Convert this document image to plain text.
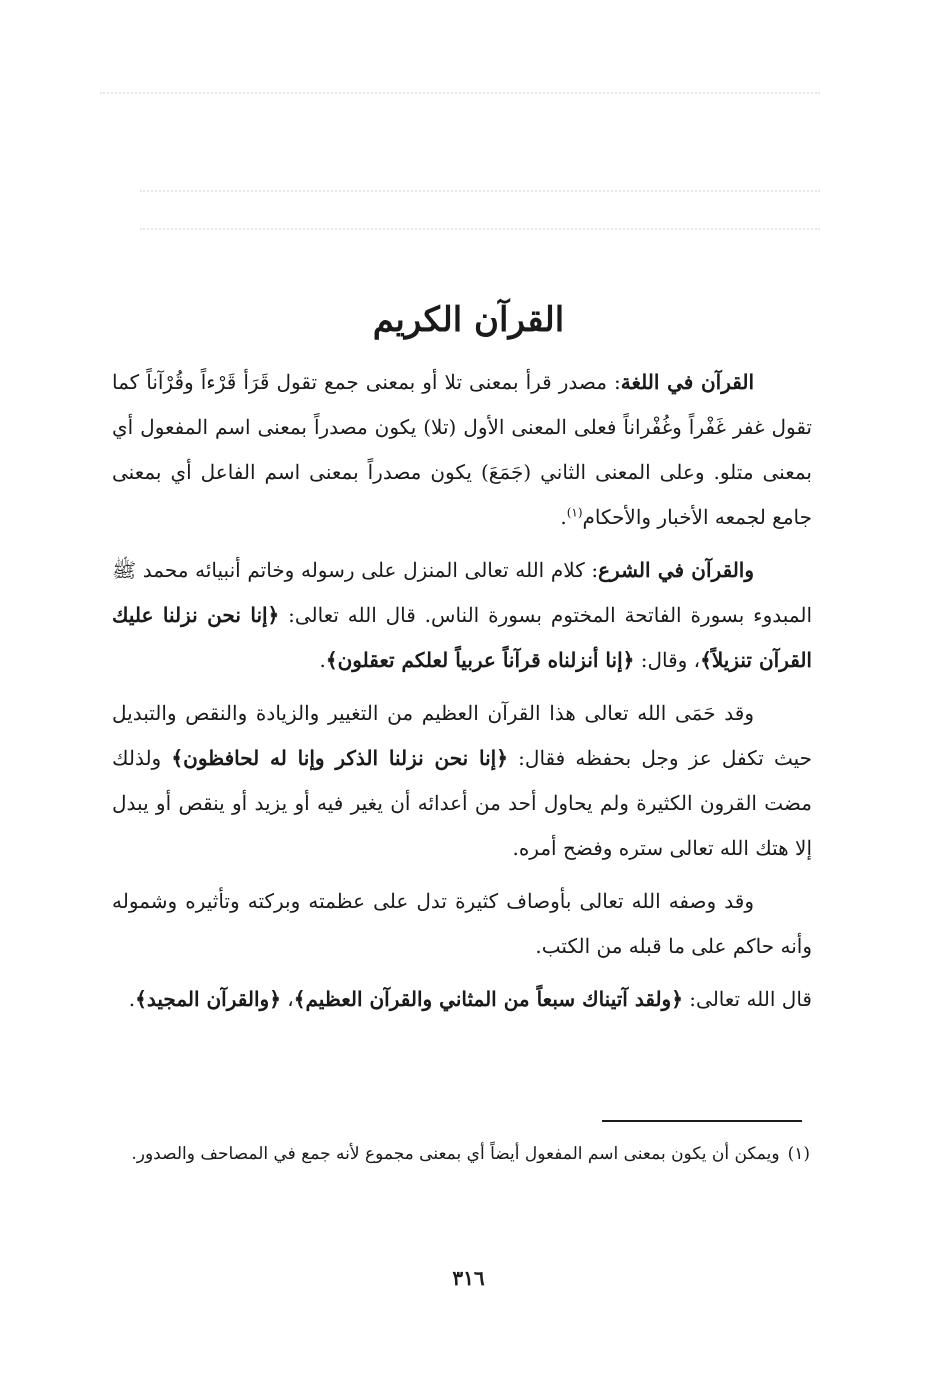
القرآن الكريم

القرآن في اللغة: مصدر قرأ بمعنى تلا أو بمعنى جمع تقول قَرَأ قَرْءاً وقُرْآناً كما تقول غفر غَفْراً وغُفْراناً فعلى المعنى الأول (تلا) يكون مصدراً بمعنى اسم المفعول أي بمعنى متلو. وعلى المعنى الثاني (جَمَعَ) يكون مصدراً بمعنى اسم الفاعل أي بمعنى جامع لجمعه الأخبار والأحكام$^{(١)}$.

والقرآن في الشرع: كلام الله تعالى المنزل على رسوله وخاتم أنبيائه محمد ﷺ المبدوء بسورة الفاتحة المختوم بسورة الناس. قال الله تعالى: ﴿إنا نحن نزلنا عليك القرآن تنزيلاً﴾، وقال: ﴿إنا أنزلناه قرآناً عربياً لعلكم تعقلون﴾.

وقد حَمَى الله تعالى هذا القرآن العظيم من التغيير والزيادة والنقص والتبديل حيث تكفل عز وجل بحفظه فقال: ﴿إنا نحن نزلنا الذكر وإنا له لحافظون﴾ ولذلك مضت القرون الكثيرة ولم يحاول أحد من أعدائه أن يغير فيه أو يزيد أو ينقص أو يبدل إلا هتك الله تعالى ستره وفضح أمره.

وقد وصفه الله تعالى بأوصاف كثيرة تدل على عظمته وبركته وتأثيره وشموله وأنه حاكم على ما قبله من الكتب.

قال الله تعالى: ﴿ولقد آتيناك سبعاً من المثاني والقرآن العظيم﴾، ﴿والقرآن المجيد﴾.

(١)ويمكن أن يكون بمعنى اسم المفعول أيضاً أي بمعنى مجموع لأنه جمع في المصاحف والصدور.
٣١٦
